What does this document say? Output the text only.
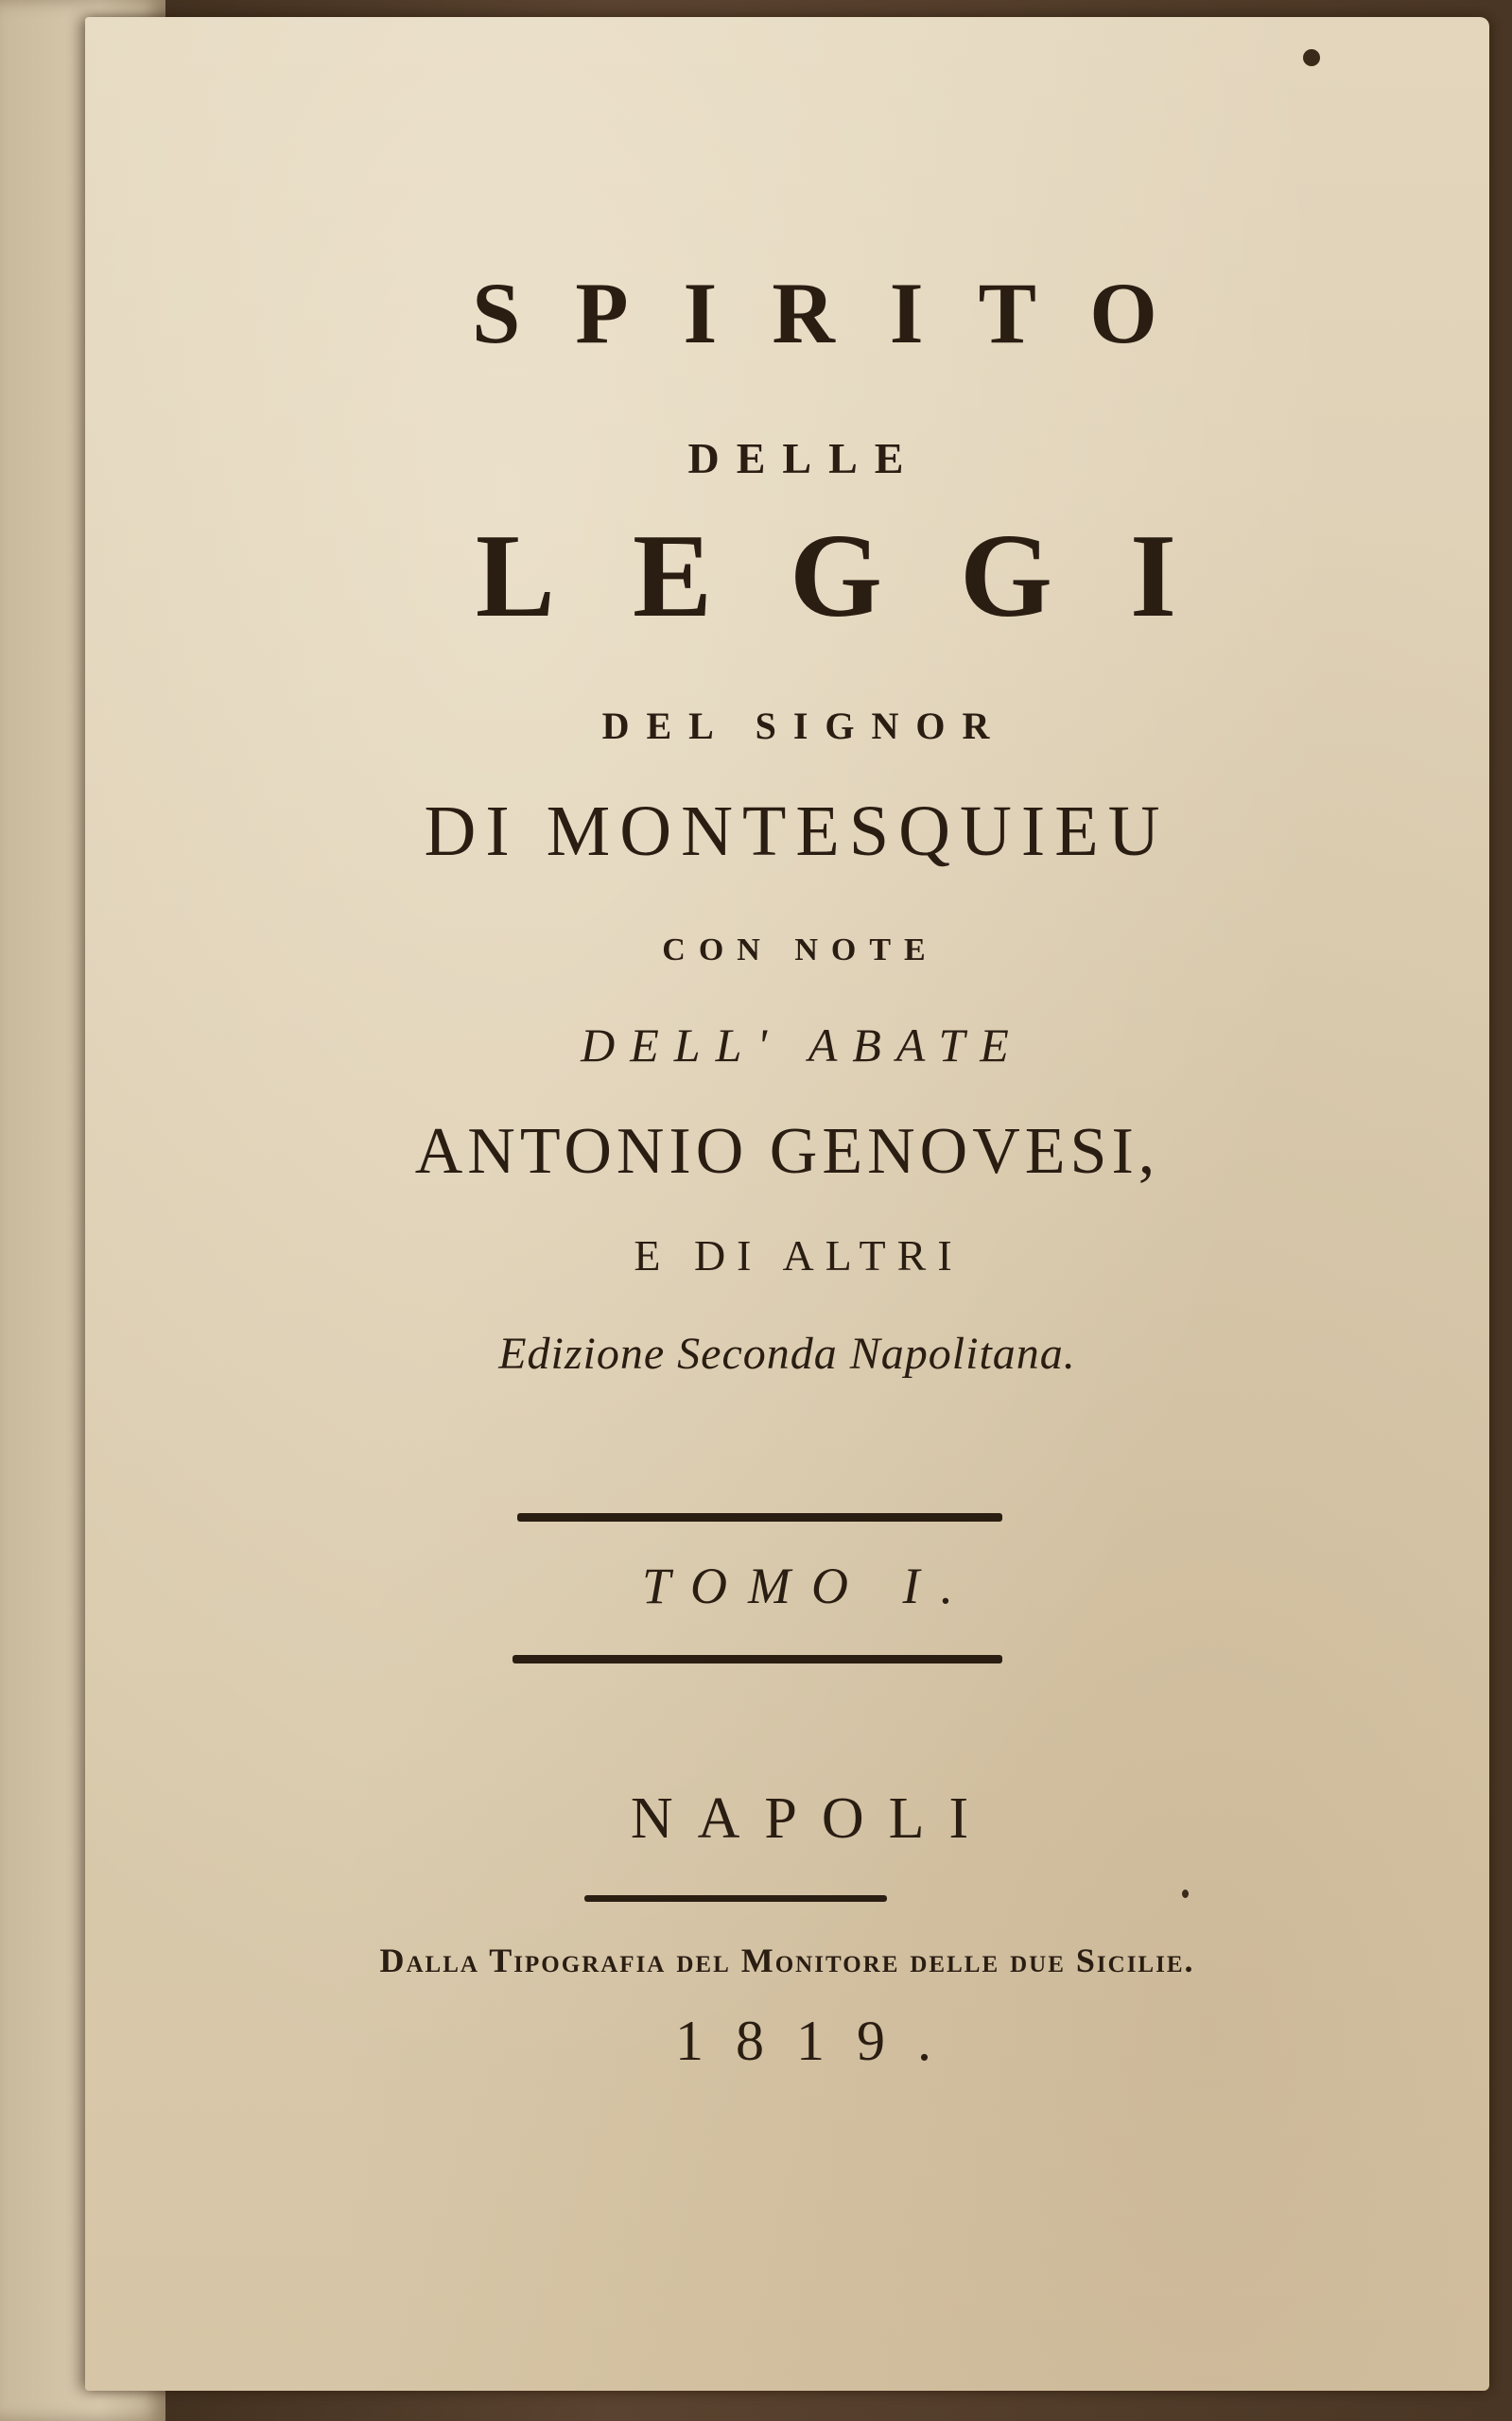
SPIRITO

DELLE

LEGGI

DEL SIGNOR

DI MONTESQUIEU

CON NOTE

DELL' ABATE

ANTONIO GENOVESI,

E DI ALTRI

Edizione Seconda Napolitana.

TOMO I.

NAPOLI

Dalla Tipografia del Monitore delle due Sicilie.

1819.
